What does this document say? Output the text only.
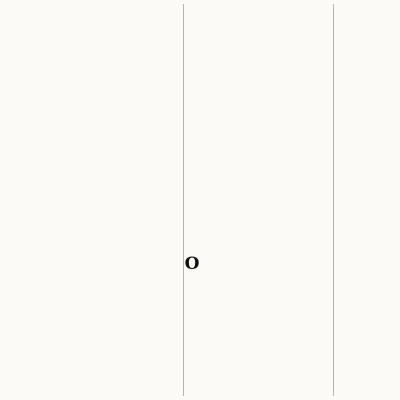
O
